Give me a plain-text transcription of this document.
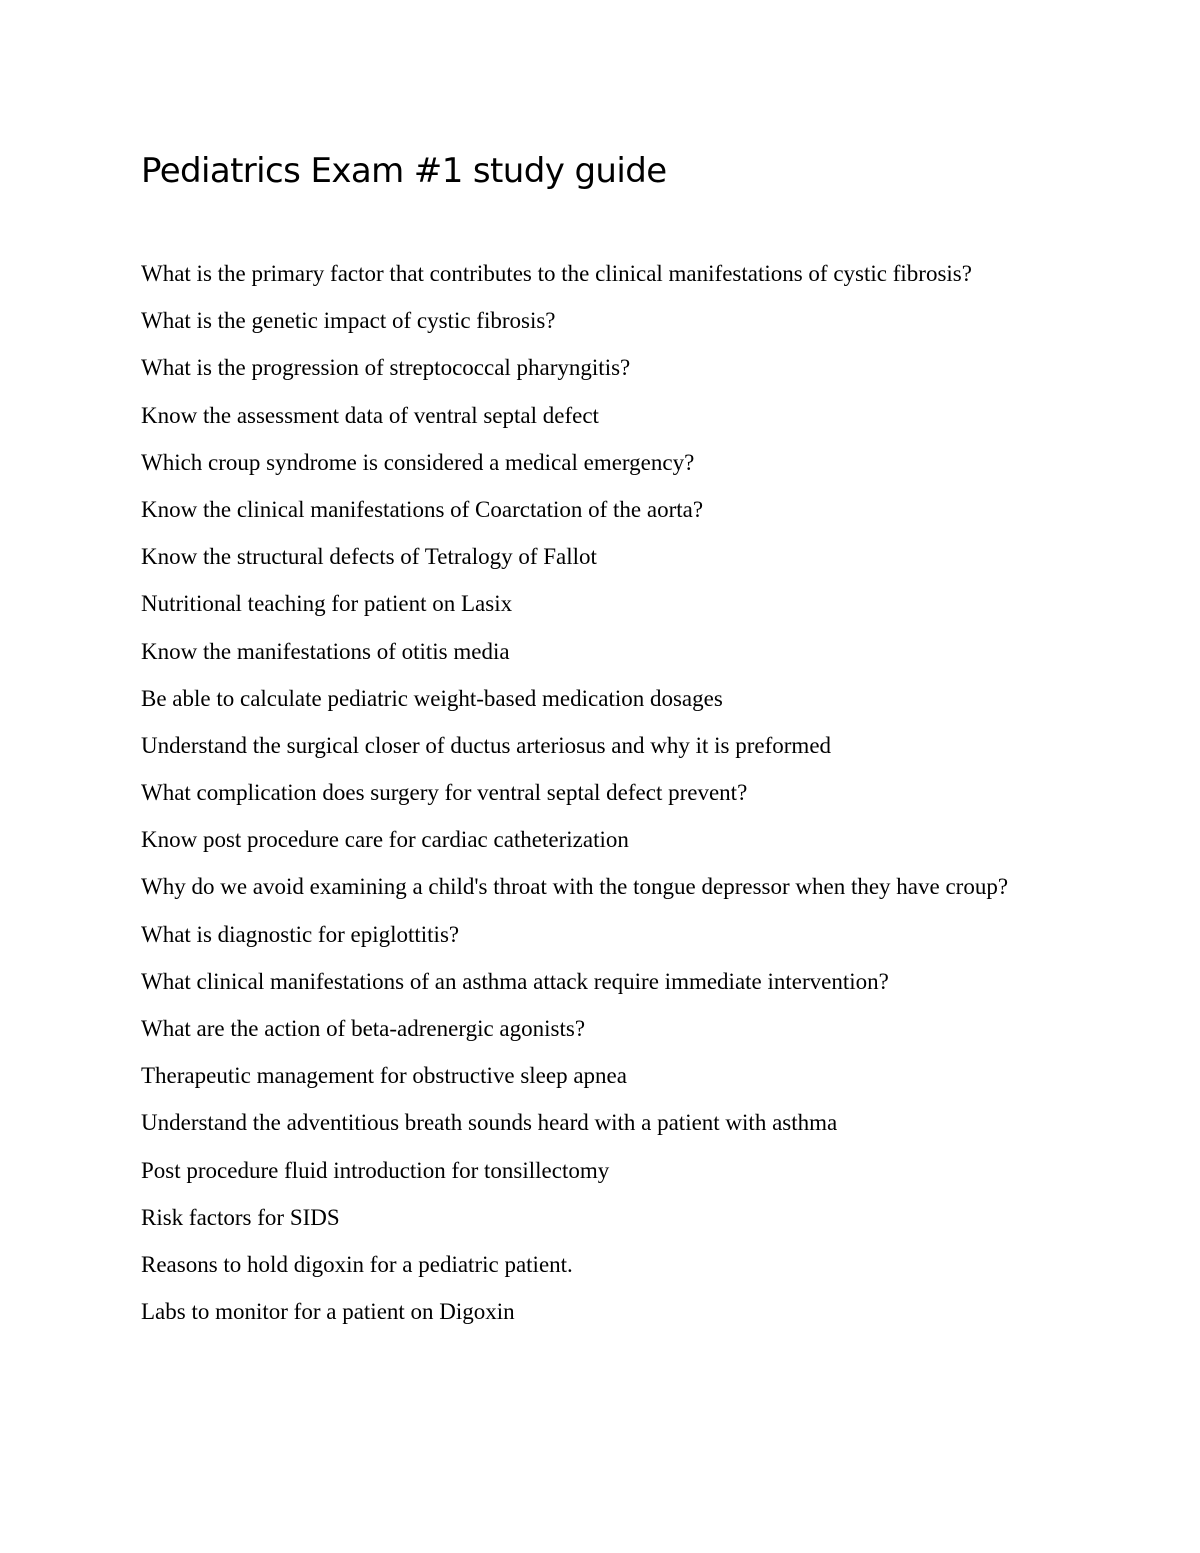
Pediatrics Exam #1 study guide
What is the primary factor that contributes to the clinical manifestations of cystic fibrosis?
What is the genetic impact of cystic fibrosis?
What is the progression of streptococcal pharyngitis?
Know the assessment data of ventral septal defect
Which croup syndrome is considered a medical emergency?
Know the clinical manifestations of Coarctation of the aorta?
Know the structural defects of Tetralogy of Fallot
Nutritional teaching for patient on Lasix
Know the manifestations of otitis media
Be able to calculate pediatric weight-based medication dosages
Understand the surgical closer of ductus arteriosus and why it is preformed
What complication does surgery for ventral septal defect prevent?
Know post procedure care for cardiac catheterization
Why do we avoid examining a child's throat with the tongue depressor when they have croup?
What is diagnostic for epiglottitis?
What clinical manifestations of an asthma attack require immediate intervention?
What are the action of beta-adrenergic agonists?
Therapeutic management for obstructive sleep apnea
Understand the adventitious breath sounds heard with a patient with asthma
Post procedure fluid introduction for tonsillectomy
Risk factors for SIDS
Reasons to hold digoxin for a pediatric patient.
Labs to monitor for a patient on Digoxin
